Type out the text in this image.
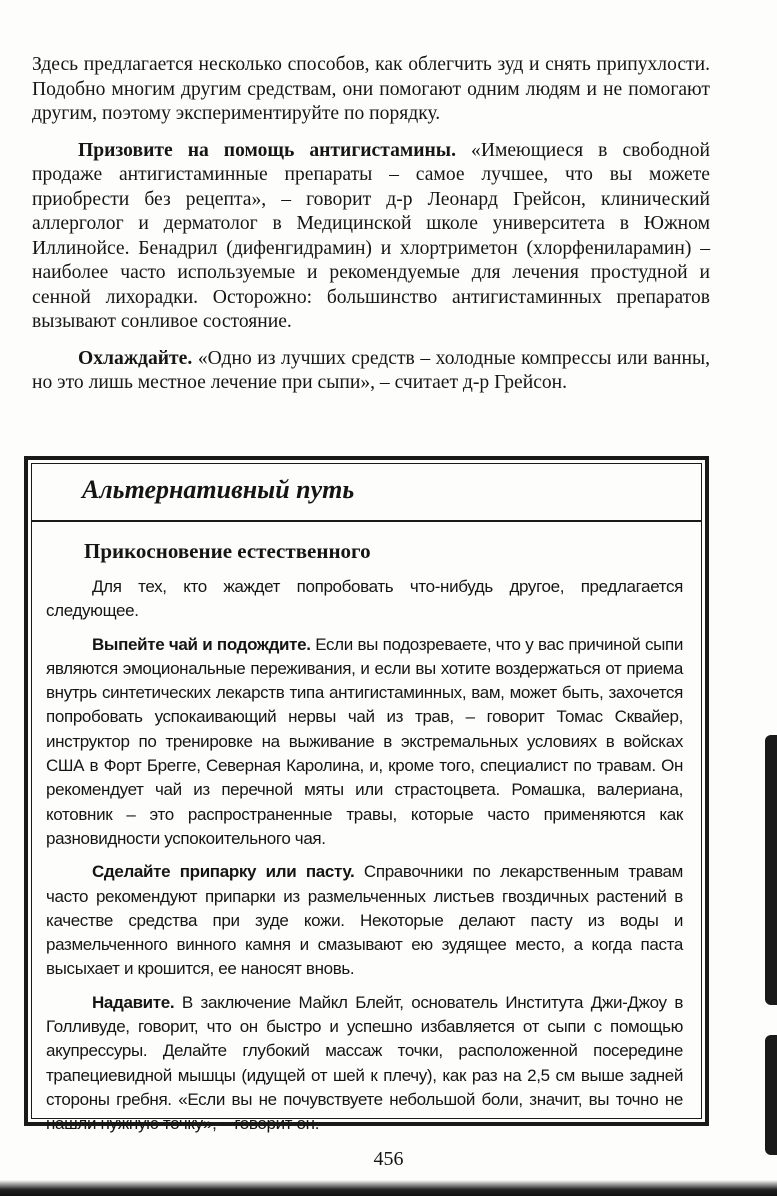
Здесь предлагается несколько способов, как облегчить зуд и снять припухлости. Подобно многим другим средствам, они помогают одним людям и не помогают другим, поэтому экспериментируйте по порядку.

Призовите на помощь антигистамины. «Имеющиеся в свободной продаже антигистаминные препараты – самое лучшее, что вы можете приобрести без рецепта», – говорит д-р Леонард Грейсон, клинический аллерголог и дерматолог в Медицинской школе университета в Южном Иллинойсе. Бенадрил (дифенгидрамин) и хлортриметон (хлорфениларамин) – наиболее часто используемые и рекомендуемые для лечения простудной и сенной лихорадки. Осторожно: большинство антигистаминных препаратов вызывают сонливое состояние.

Охлаждайте. «Одно из лучших средств – холодные компрессы или ванны, но это лишь местное лечение при сыпи», – считает д-р Грейсон.

Альтернативный путь
Прикосновение естественного

Для тех, кто жаждет попробовать что-нибудь другое, предлагается следующее.

Выпейте чай и подождите. Если вы подозреваете, что у вас причиной сыпи являются эмоциональные переживания, и если вы хотите воздержаться от приема внутрь синтетических лекарств типа антигистаминных, вам, может быть, захочется попробовать успокаивающий нервы чай из трав, – говорит Томас Сквайер, инструктор по тренировке на выживание в экстремальных условиях в войсках США в Форт Брегге, Северная Каролина, и, кроме того, специалист по травам. Он рекомендует чай из перечной мяты или страстоцвета. Ромашка, валериана, котовник – это распространенные травы, которые часто применяются как разновидности успокоительного чая.

Сделайте припарку или пасту. Справочники по лекарственным травам часто рекомендуют припарки из размельченных листьев гвоздичных растений в качестве средства при зуде кожи. Некоторые делают пасту из воды и размельченного винного камня и смазывают ею зудящее место, а когда паста высыхает и крошится, ее наносят вновь.

Надавите. В заключение Майкл Блейт, основатель Института Джи-Джоу в Голливуде, говорит, что он быстро и успешно избавляется от сыпи с помощью акупрессуры. Делайте глубокий массаж точки, расположенной посередине трапециевидной мышцы (идущей от шей к плечу), как раз на 2,5 см выше задней стороны гребня. «Если вы не почувствуете небольшой боли, значит, вы точно не нашли нужную точку», – говорит он.

456
